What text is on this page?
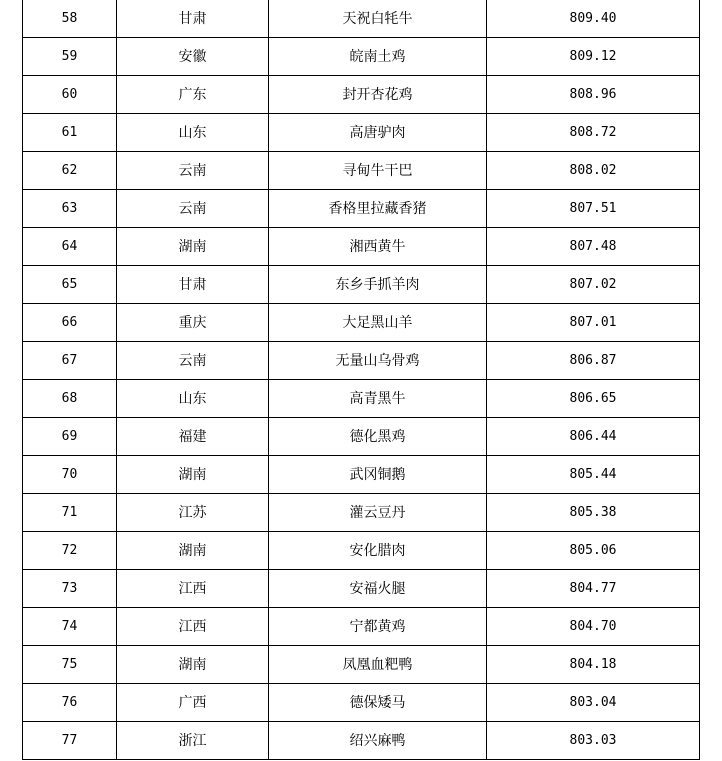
58	甘肃	天祝白牦牛	809.40
59	安徽	皖南土鸡	809.12
60	广东	封开杏花鸡	808.96
61	山东	高唐驴肉	808.72
62	云南	寻甸牛干巴	808.02
63	云南	香格里拉藏香猪	807.51
64	湖南	湘西黄牛	807.48
65	甘肃	东乡手抓羊肉	807.02
66	重庆	大足黑山羊	807.01
67	云南	无量山乌骨鸡	806.87
68	山东	高青黑牛	806.65
69	福建	德化黑鸡	806.44
70	湖南	武冈铜鹅	805.44
71	江苏	灌云豆丹	805.38
72	湖南	安化腊肉	805.06
73	江西	安福火腿	804.77
74	江西	宁都黄鸡	804.70
75	湖南	凤凰血粑鸭	804.18
76	广西	德保矮马	803.04
77	浙江	绍兴麻鸭	803.03
